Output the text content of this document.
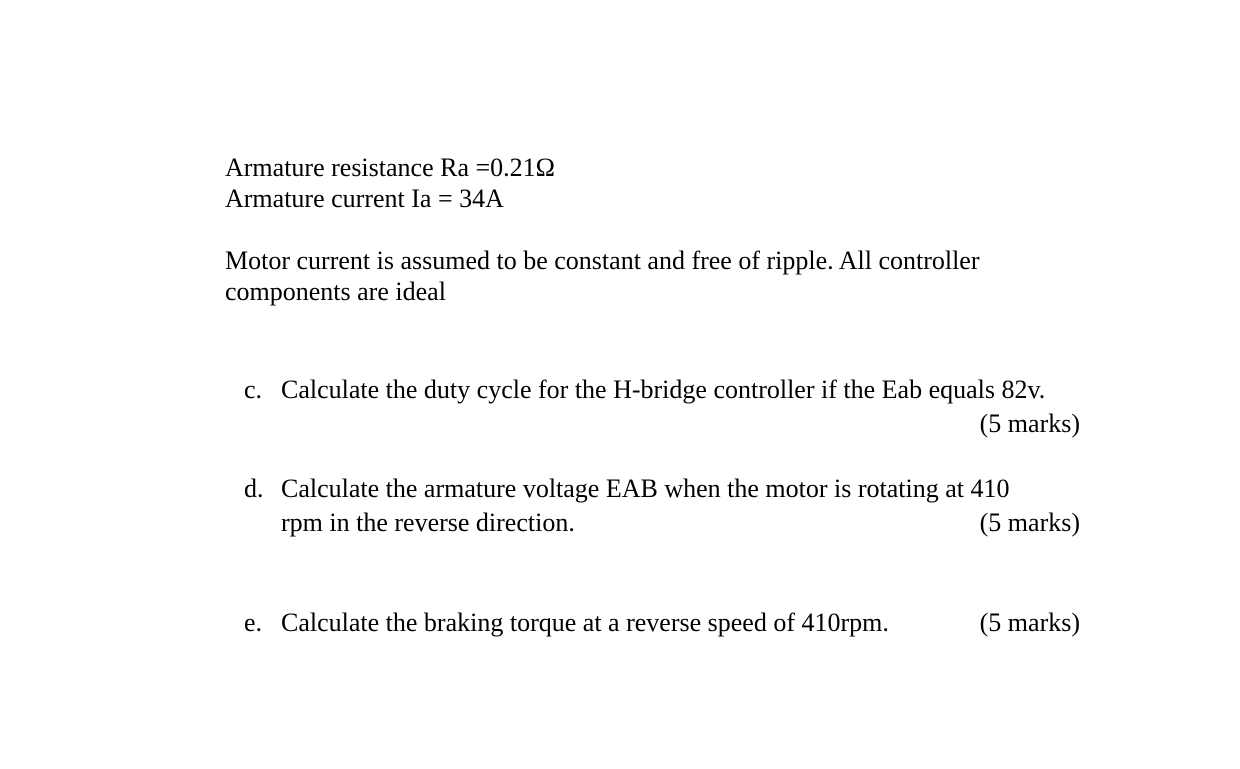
Armature resistance Ra =0.21Ω
Armature current Ia = 34A
Motor current is assumed to be constant and free of ripple. All controller
components are ideal
c. Calculate the duty cycle for the H-bridge controller if the Eab equals 82v.
(5 marks)
d. Calculate the armature voltage EAB when the motor is rotating at 410
rpm in the reverse direction.	(5 marks)
e. Calculate the braking torque at a reverse speed of 410rpm.	(5 marks)
